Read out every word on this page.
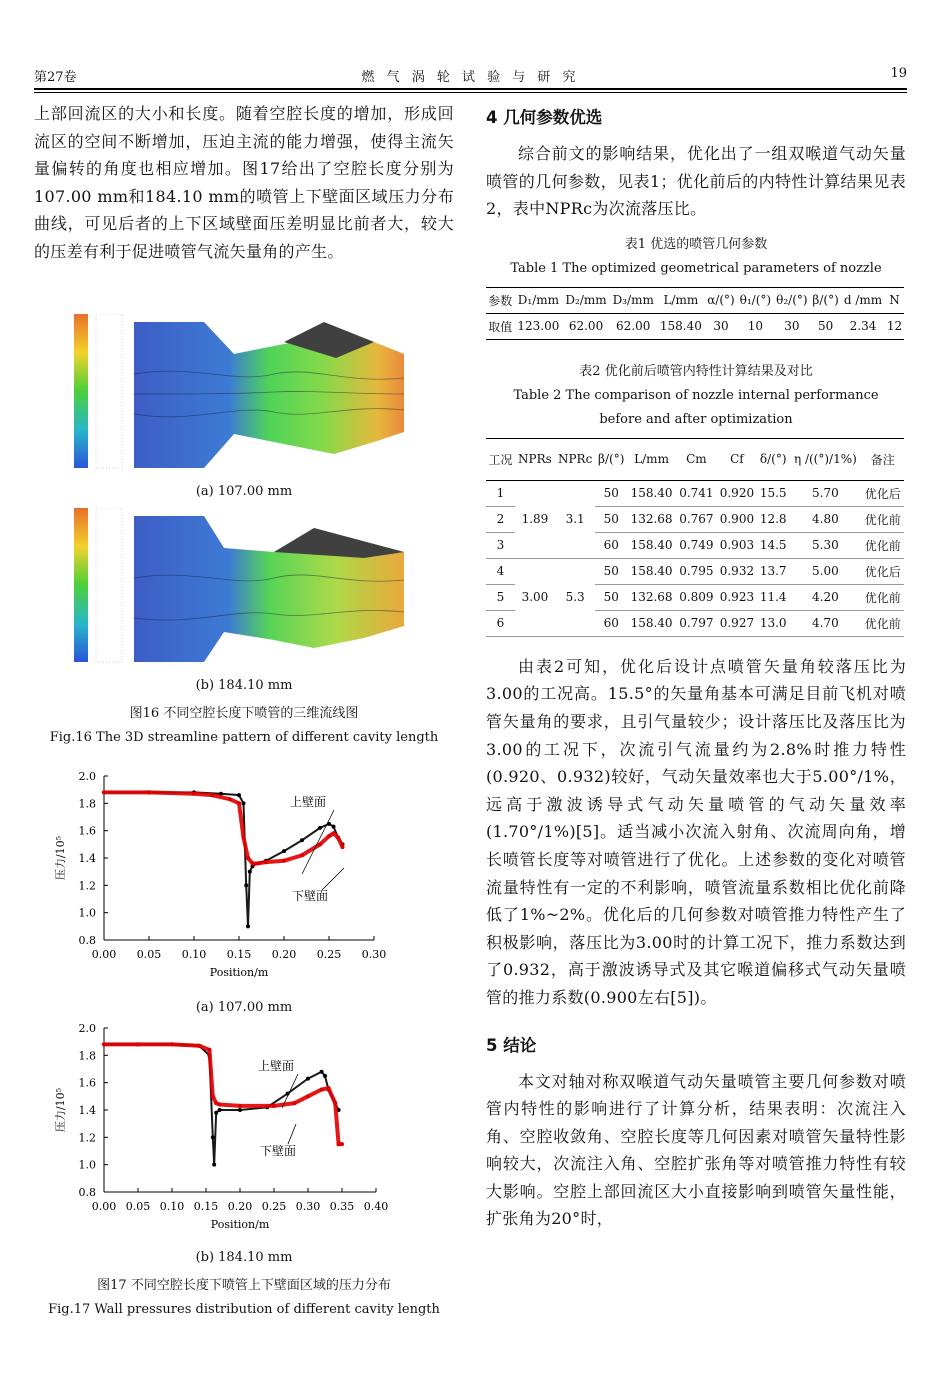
第27卷	燃 气 涡 轮 试 验 与 研 究	19

上部回流区的大小和长度。随着空腔长度的增加，形成回流区的空间不断增加，压迫主流的能力增强，使得主流矢量偏转的角度也相应增加。图17给出了空腔长度分别为107.00 mm和184.10 mm的喷管上下壁面区域压力分布曲线，可见后者的上下区域壁面压差明显比前者大，较大的压差有利于促进喷管气流矢量角的产生。

(a) 107.00 mm
(b) 184.10 mm
图16 不同空腔长度下喷管的三维流线图
Fig.16 The 3D streamline pattern of different cavity length
0.8
1.0
1.2
1.4
1.6
1.8
2.0
0.00 0.05 0.10 0.15 0.20 0.25 0.30
Position/m
压力/10⁵
上壁面
下壁面
(a) 107.00 mm
0.8
1.0
1.2
1.4
1.6
1.8
2.0
0.00 0.05 0.10 0.15 0.20 0.25 0.30 0.35 0.40
Position/m
压力/10⁵
上壁面
下壁面
(b) 184.10 mm
图17 不同空腔长度下喷管上下壁面区域的压力分布
Fig.17 Wall pressures distribution of different cavity length
4 几何参数优选

综合前文的影响结果，优化出了一组双喉道气动矢量喷管的几何参数，见表1；优化前后的内特性计算结果见表2，表中NPRc为次流落压比。

表1 优选的喷管几何参数
Table 1 The optimized geometrical parameters of nozzle
参数	D₁/mm	D₂/mm	D₃/mm	L/mm	α/(°)	θ₁/(°)	θ₂/(°)	β/(°)	d /mm	N
取值	123.00	62.00	62.00	158.40	30	10	30	50	2.34	12
表2 优化前后喷管内特性计算结果及对比
Table 2 The comparison of nozzle internal performance before and after optimization
工况	NPRs	NPRc	β/(°)	L/mm	Cm	Cf	δ/(°)	η /((°)/1%)	备注
1	1.89	3.1	50	158.40	0.741	0.920	15.5	5.70	优化后
2			50	132.68	0.767	0.900	12.8	4.80	优化前
3			60	158.40	0.749	0.903	14.5	5.30	优化前
4	3.00	5.3	50	158.40	0.795	0.932	13.7	5.00	优化后
5			50	132.68	0.809	0.923	11.4	4.20	优化前
6			60	158.40	0.797	0.927	13.0	4.70	优化前

由表2可知，优化后设计点喷管矢量角较落压比为3.00的工况高。15.5°的矢量角基本可满足目前飞机对喷管矢量角的要求，且引气量较少；设计落压比及落压比为3.00的工况下，次流引气流量约为2.8%时推力特性(0.920、0.932)较好，气动矢量效率也大于5.00°/1%，远高于激波诱导式气动矢量喷管的气动矢量效率(1.70°/1%)[5]。适当减小次流入射角、次流周向角，增长喷管长度等对喷管进行了优化。上述参数的变化对喷管流量特性有一定的不利影响，喷管流量系数相比优化前降低了1%~2%。优化后的几何参数对喷管推力特性产生了积极影响，落压比为3.00时的计算工况下，推力系数达到了0.932，高于激波诱导式及其它喉道偏移式气动矢量喷管的推力系数(0.900左右[5])。

5 结论

本文对轴对称双喉道气动矢量喷管主要几何参数对喷管内特性的影响进行了计算分析，结果表明：次流注入角、空腔收敛角、空腔长度等几何因素对喷管矢量特性影响较大，次流注入角、空腔扩张角等对喷管推力特性有较大影响。空腔上部回流区大小直接影响到喷管矢量性能，扩张角为20°时，
